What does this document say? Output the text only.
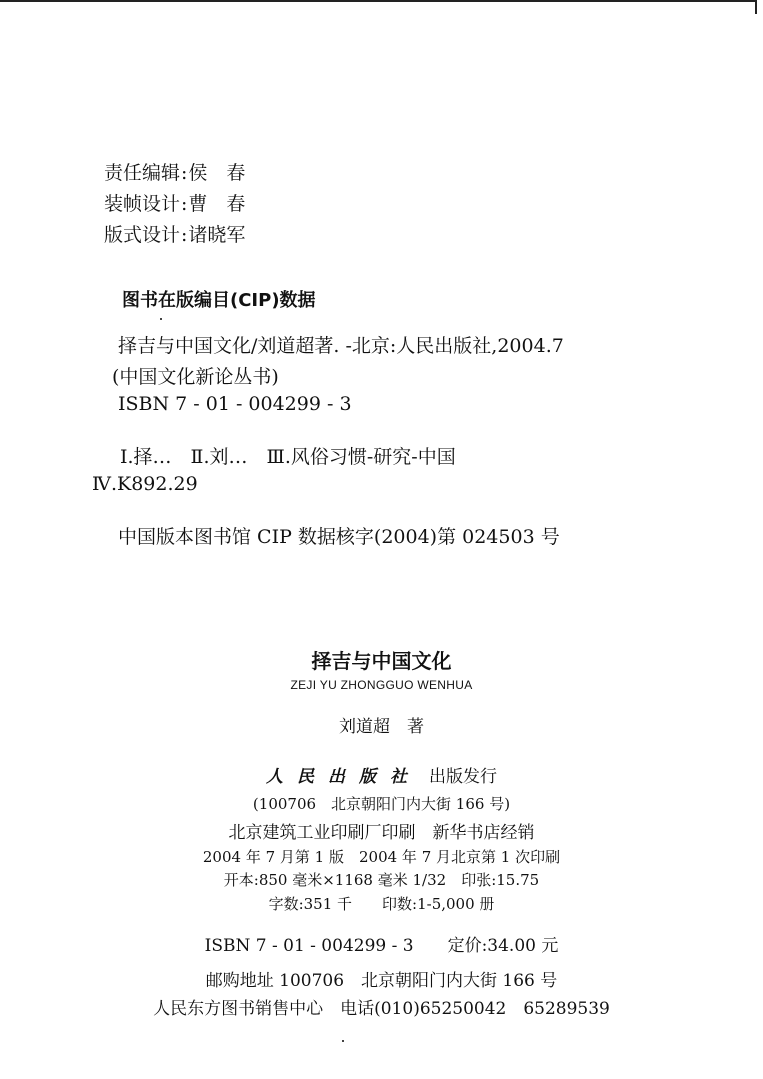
责任编辑:侯　春
装帧设计:曹　春
版式设计:诸晓军
图书在版编目(CIP)数据
择吉与中国文化/刘道超著. -北京:人民出版社,2004.7
(中国文化新论丛书)
ISBN 7 - 01 - 004299 - 3
Ⅰ.择…　Ⅱ.刘…　Ⅲ.风俗习惯-研究-中国
Ⅳ.K892.29
中国版本图书馆 CIP 数据核字(2004)第 024503 号
择吉与中国文化
ZEJI YU ZHONGGUO WENHUA
刘道超　著
人民出版社 出版发行
(100706　北京朝阳门内大街 166 号)
北京建筑工业印刷厂印刷　新华书店经销
2004 年 7 月第 1 版　2004 年 7 月北京第 1 次印刷
开本:850 毫米×1168 毫米 1/32　印张:15.75
字数:351 千　　印数:1-5,000 册
ISBN 7 - 01 - 004299 - 3　　定价:34.00 元
邮购地址 100706　北京朝阳门内大街 166 号
人民东方图书销售中心　电话(010)65250042　65289539
